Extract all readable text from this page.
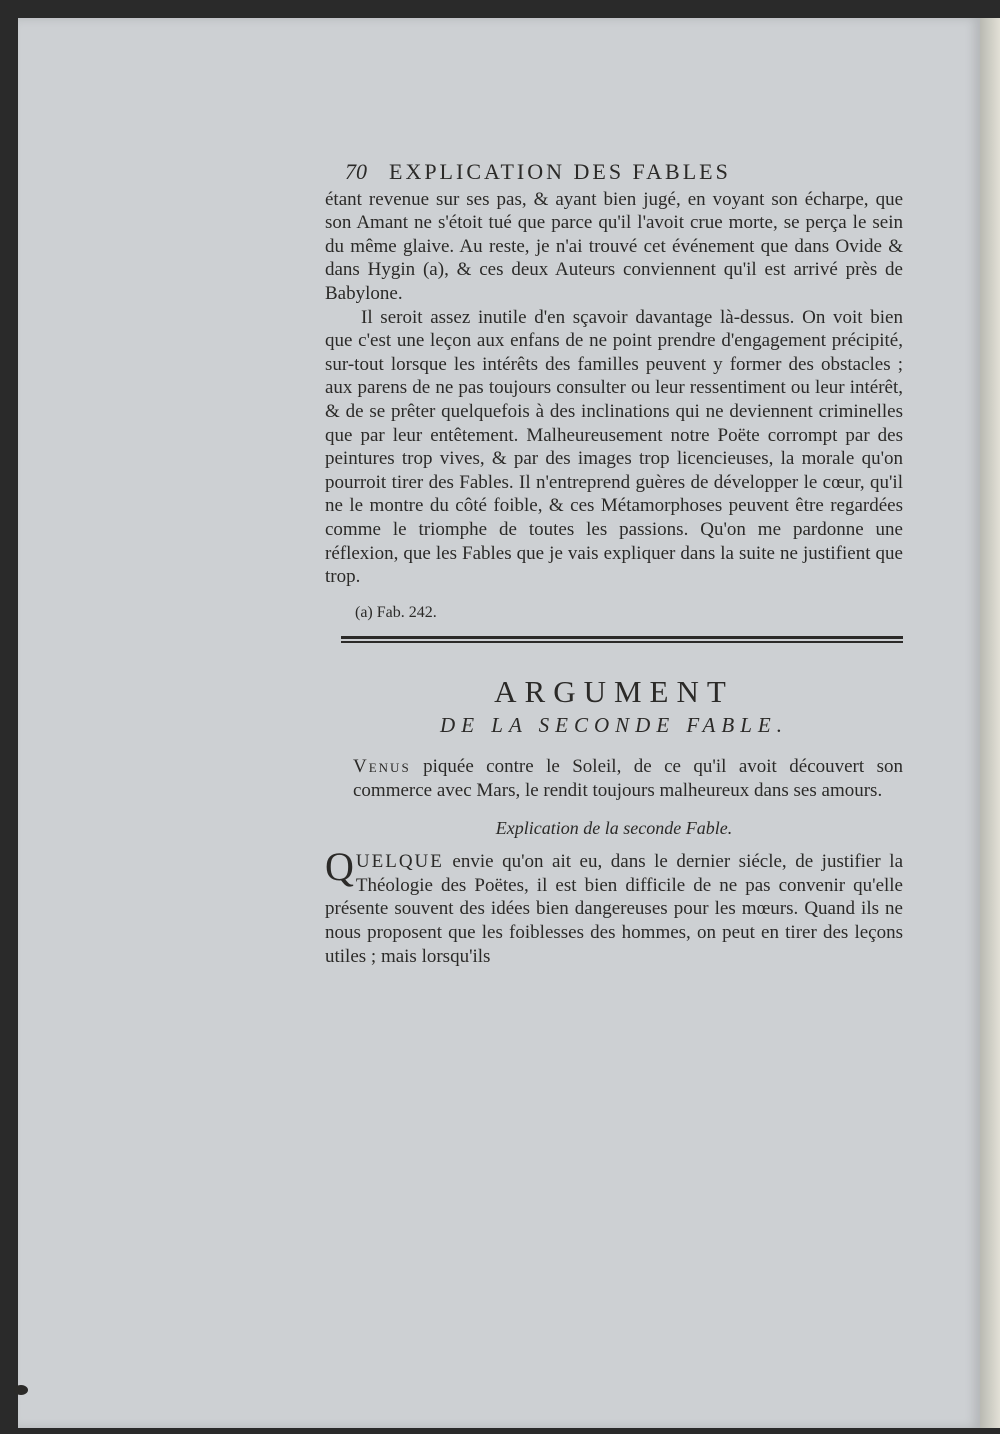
70 EXPLICATION DES FABLES

étant revenue sur ses pas, & ayant bien jugé, en voyant son écharpe, que son Amant ne s'étoit tué que parce qu'il l'avoit crue morte, se perça le sein du même glaive. Au reste, je n'ai trouvé cet événement que dans Ovide & dans Hygin (a), & ces deux Auteurs conviennent qu'il est arrivé près de Babylone.

Il seroit assez inutile d'en sçavoir davantage là-dessus. On voit bien que c'est une leçon aux enfans de ne point prendre d'engagement précipité, sur-tout lorsque les intérêts des familles peuvent y former des obstacles ; aux parens de ne pas toujours consulter ou leur ressentiment ou leur intérêt, & de se prêter quelquefois à des inclinations qui ne deviennent criminelles que par leur entêtement. Malheureusement notre Poëte corrompt par des peintures trop vives, & par des images trop licencieuses, la morale qu'on pourroit tirer des Fables. Il n'entreprend guères de développer le cœur, qu'il ne le montre du côté foible, & ces Métamorphoses peuvent être regardées comme le triomphe de toutes les passions. Qu'on me pardonne une réflexion, que les Fables que je vais expliquer dans la suite ne justifient que trop.

(a) Fab. 242.
ARGUMENT
DE LA SECONDE FABLE.

Venus piquée contre le Soleil, de ce qu'il avoit découvert son commerce avec Mars, le rendit toujours malheureux dans ses amours.

Explication de la seconde Fable.

QUELQUE envie qu'on ait eu, dans le dernier siécle, de justifier la Théologie des Poëtes, il est bien difficile de ne pas convenir qu'elle présente souvent des idées bien dangereuses pour les mœurs. Quand ils ne nous proposent que les foiblesses des hommes, on peut en tirer des leçons utiles ; mais lorsqu'ils
